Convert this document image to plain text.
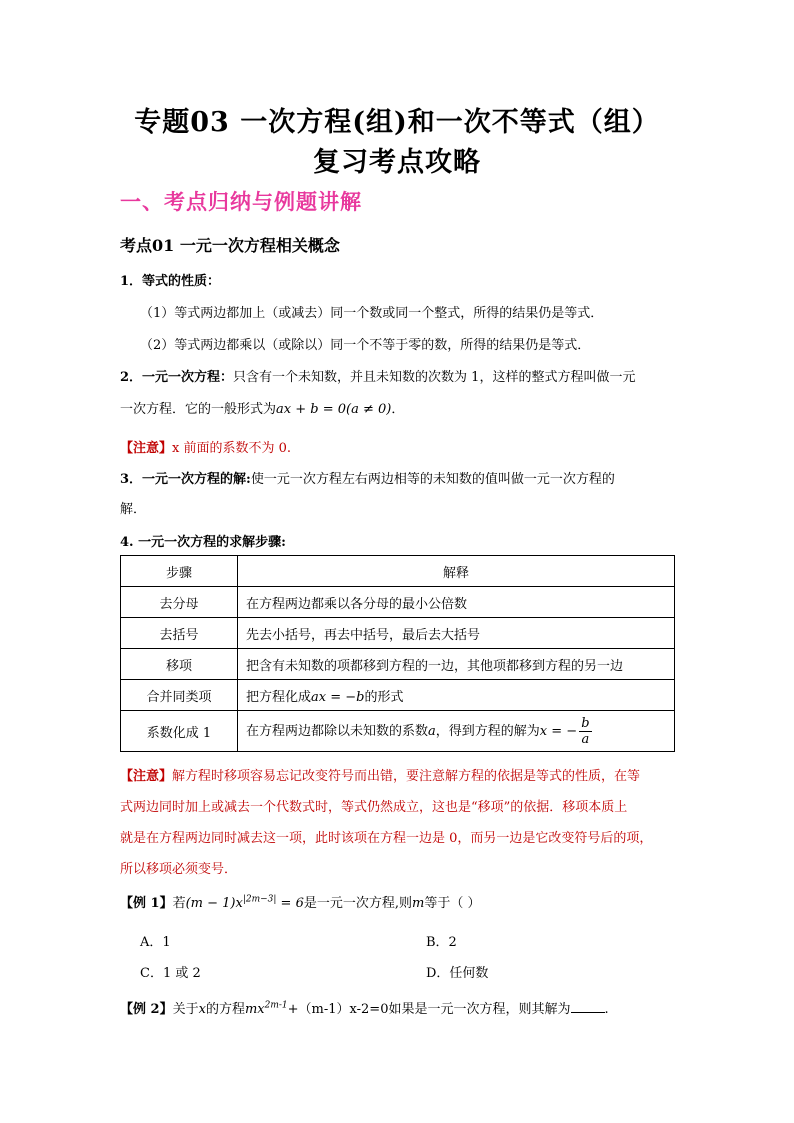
专题03 一次方程(组)和一次不等式（组）
复习考点攻略
一、考点归纳与例题讲解
考点01 一元一次方程相关概念
1．等式的性质：
（1）等式两边都加上（或减去）同一个数或同一个整式，所得的结果仍是等式．
（2）等式两边都乘以（或除以）同一个不等于零的数，所得的结果仍是等式．
2．一元一次方程：只含有一个未知数，并且未知数的次数为 1，这样的整式方程叫做一元
一次方程．它的一般形式为ax + b = 0(a ≠ 0)．
【注意】x 前面的系数不为 0.
3．一元一次方程的解:使一元一次方程左右两边相等的未知数的值叫做一元一次方程的
解．
4. 一元一次方程的求解步骤:
步骤	解释
去分母	在方程两边都乘以各分母的最小公倍数
去括号	先去小括号，再去中括号，最后去大括号
移项	把含有未知数的项都移到方程的一边，其他项都移到方程的另一边
合并同类项	把方程化成ax = −b的形式
系数化成 1	在方程两边都除以未知数的系数a，得到方程的解为x = − $\frac{b}{a}$
【注意】解方程时移项容易忘记改变符号而出错，要注意解方程的依据是等式的性质，在等
式两边同时加上或减去一个代数式时，等式仍然成立，这也是“移项”的依据．移项本质上
就是在方程两边同时减去这一项，此时该项在方程一边是 0，而另一边是它改变符号后的项，
所以移项必须变号．
【例 1】若$(m - 1)x^{|2m-3|} = 6$是一元一次方程,则m等于（ ）
A．1	B．2
C．1 或 2	D．任何数
【例 2】关于x的方程$mx^{2m-1}+(m-1)x-2=0$如果是一元一次方程，则其解为	.
